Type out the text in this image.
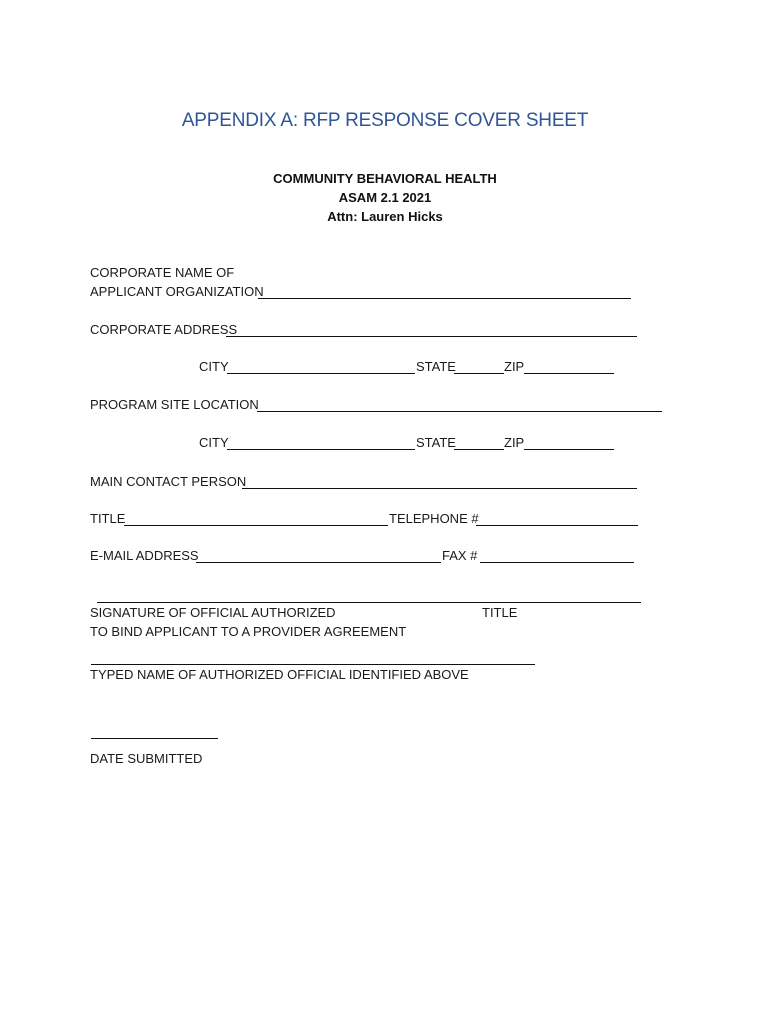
APPENDIX A: RFP RESPONSE COVER SHEET
COMMUNITY BEHAVIORAL HEALTH
ASAM 2.1 2021
Attn: Lauren Hicks
CORPORATE NAME OF
APPLICANT ORGANIZATION
CORPORATE ADDRESS
CITY	STATE	ZIP
PROGRAM SITE LOCATION
CITY	STATE	ZIP
MAIN CONTACT PERSON
TITLE	TELEPHONE #
E-MAIL ADDRESS	FAX #
SIGNATURE OF OFFICIAL AUTHORIZED	TITLE
TO BIND APPLICANT TO A PROVIDER AGREEMENT
TYPED NAME OF AUTHORIZED OFFICIAL IDENTIFIED ABOVE
DATE SUBMITTED
